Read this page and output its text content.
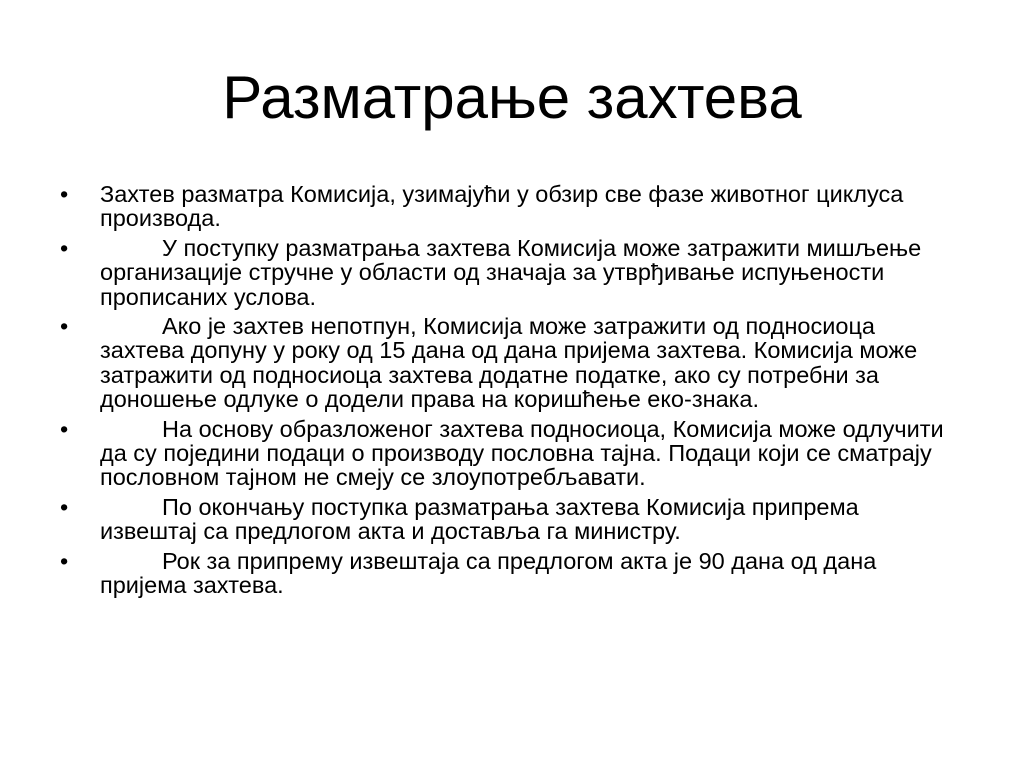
Разматрање захтева
•	Захтев разматра Комисија, узимајући у обзир све фазе животног циклуса производа.
•	У поступку разматрања захтева Комисија може затражити мишљење организације стручне у области од значаја за утврђивање испуњености прописаних услова.
•	Ако је захтев непотпун, Комисија може затражити од подносиоца захтева допуну у року од 15 дана од дана пријема захтева. Комисија може затражити од подносиоца захтева додатне податке, ако су потребни за доношење одлуке о додели права на коришћење еко-знака.
•	На основу образложеног захтева подносиоца, Комисија може одлучити да су поједини подаци о производу пословна тајна. Подаци који се сматрају пословном тајном не смеју се злоупотребљавати.
•	По окончању поступка разматрања захтева Комисија припрема извештај са предлогом акта и доставља га министру.
•	Рок за припрему извештаја са предлогом акта је 90 дана од дана пријема захтева.
